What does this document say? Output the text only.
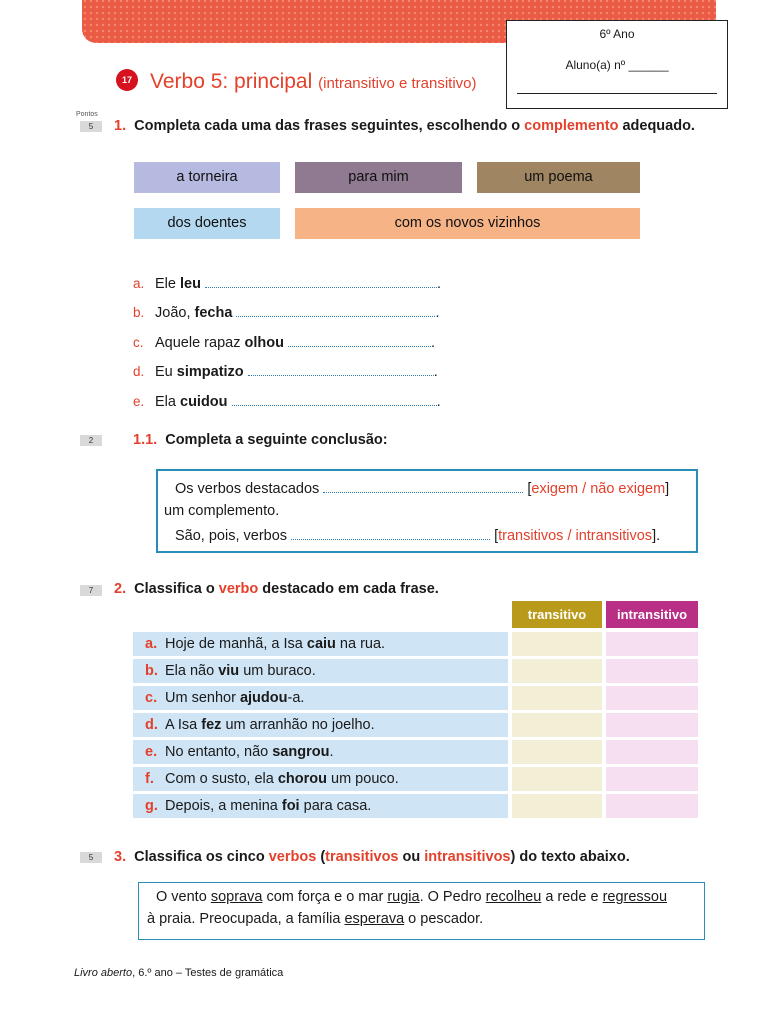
6º Ano
Aluno(a) nº ______
17 Verbo 5: principal (intransitivo e transitivo)
Pontos
5	1. Completa cada uma das frases seguintes, escolhendo o complemento adequado.
a torneira	para mim	um poema
dos doentes	com os novos vizinhos
a. Ele leu	.
b. João, fecha	.
c. Aquele rapaz olhou	.
d. Eu simpatizo	.
e. Ela cuidou	.
2	1.1. Completa a seguinte conclusão:
Os verbos destacados	[exigem / não exigem]
um complemento.
São, pois, verbos	[transitivos / intransitivos].
7	2. Classifica o verbo destacado em cada frase.
transitivo	intransitivo
a. Hoje de manhã, a Isa caiu na rua.
b. Ela não viu um buraco.
c. Um senhor ajudou-a.
d. A Isa fez um arranhão no joelho.
e. No entanto, não sangrou.
f. Com o susto, ela chorou um pouco.
g. Depois, a menina foi para casa.
5	3. Classifica os cinco verbos (transitivos ou intransitivos) do texto abaixo.
O vento soprava com força e o mar rugia. O Pedro recolheu a rede e regressou
à praia. Preocupada, a família esperava o pescador.
Livro aberto, 6.º ano – Testes de gramática
